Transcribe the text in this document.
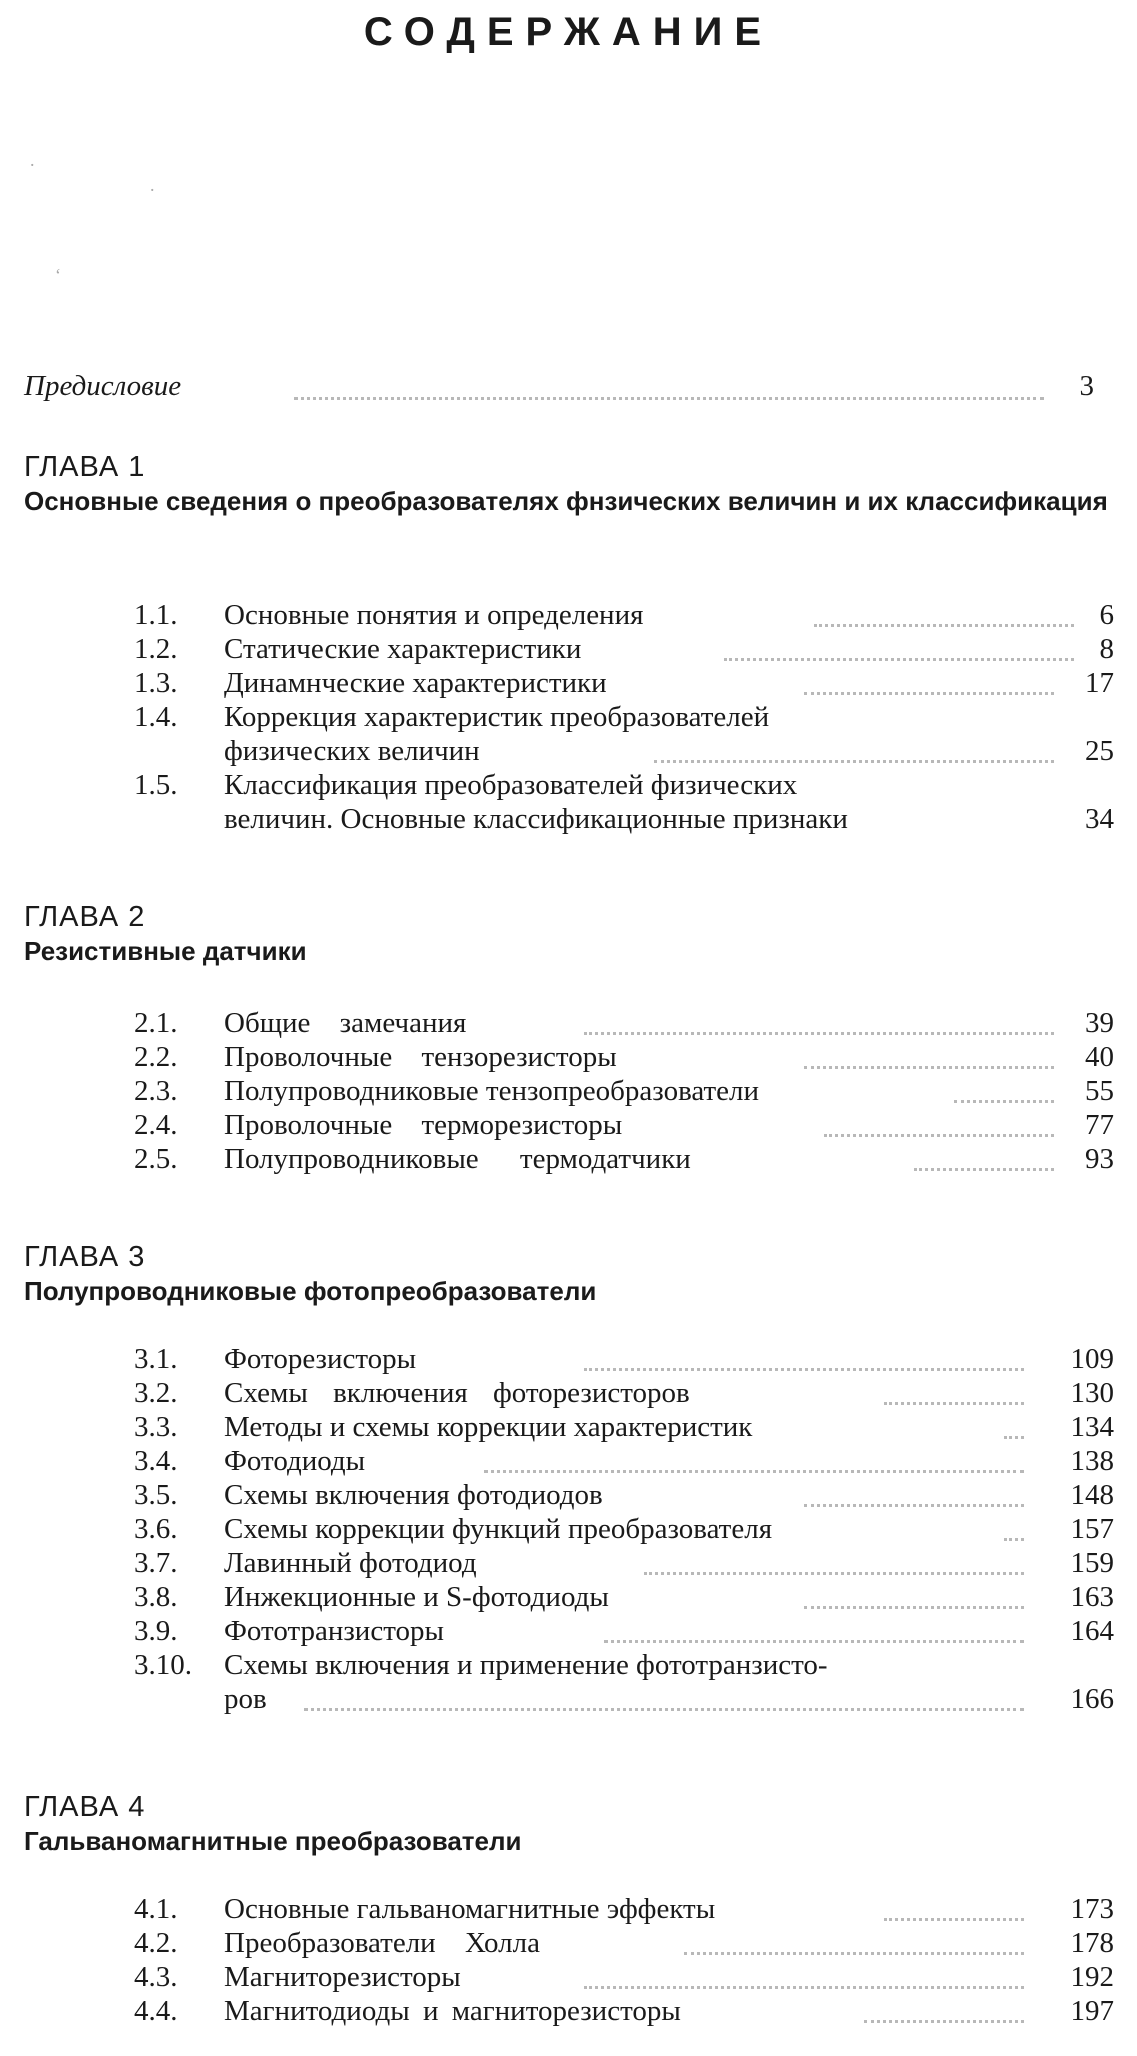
СОДЕРЖАНИЕ
.
.
‘
Предисловие	3
ГЛАВА 1
Основные сведения о преобразователях фнзических величин и их классификация
1.1.	Основные понятия и определения	6
1.2.	Статические характеристики	8
1.3.	Динамнческие характеристики	17
1.4.	Коррекция характеристик преобразователей
физических величин	25
1.5.	Классификация преобразователей физических
величин. Основные классификационные признаки	34
ГЛАВА 2
Резистивные датчики
2.1.	Общие замечания	39
2.2.	Проволочные тензорезисторы	40
2.3.	Полупроводниковые тензопреобразователи	55
2.4.	Проволочные терморезисторы	77
2.5.	Полупроводниковые термодатчики	93
ГЛАВА 3
Полупроводниковые фотопреобразователи
3.1.	Фоторезисторы	109
3.2.	Схемы включения фоторезисторов	130
3.3.	Методы и схемы коррекции характеристик	134
3.4.	Фотодиоды	138
3.5.	Схемы включения фотодиодов	148
3.6.	Схемы коррекции функций преобразователя	157
3.7.	Лавинный фотодиод	159
3.8.	Инжекционные и S-фотодиоды	163
3.9.	Фототранзисторы	164
3.10.	Схемы включения и применение фототранзисто-
ров	166
ГЛАВА 4
Гальваномагнитные преобразователи
4.1.	Основные гальваномагнитные эффекты	173
4.2.	Преобразователи Холла	178
4.3.	Магниторезисторы	192
4.4.	Магнитодиоды и магниторезисторы	197
